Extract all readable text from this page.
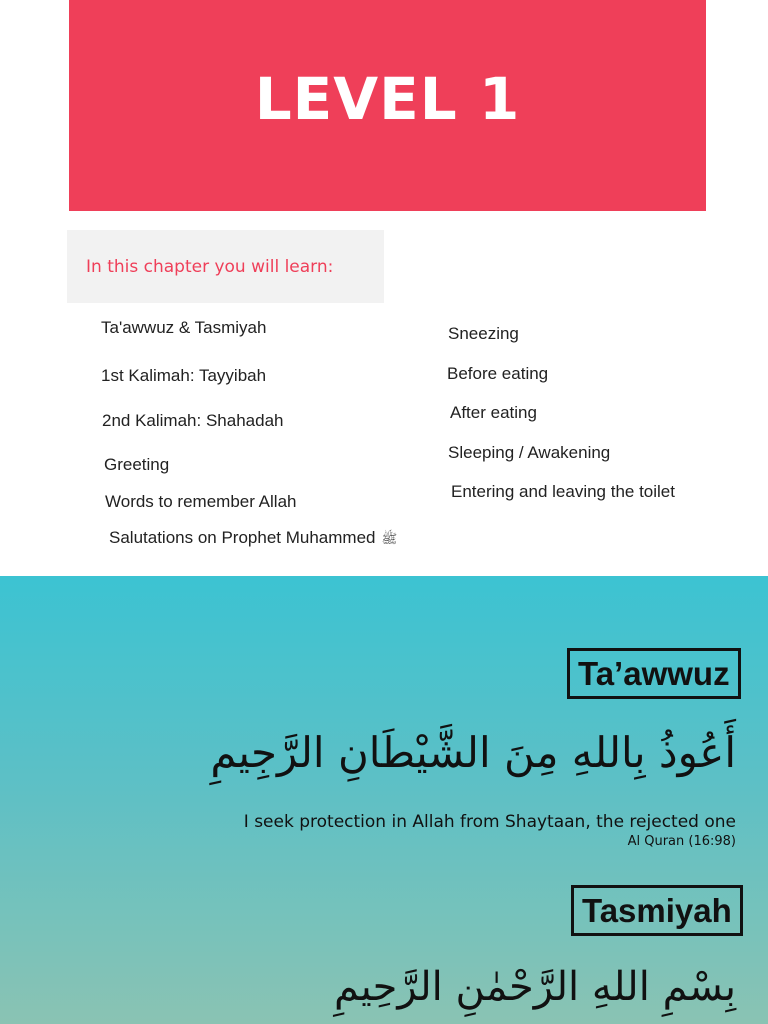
LEVEL 1
In this chapter you will learn:
Ta'awwuz & Tasmiyah
1st Kalimah: Tayyibah
2nd Kalimah: Shahadah
Greeting
Words to remember Allah
Salutations on Prophet Muhammed ﷺ
Sneezing
Before eating
After eating
Sleeping / Awakening
Entering and leaving the toilet
Ta’awwuz
أَعُوذُ بِاللهِ مِنَ الشَّيْطَانِ الرَّجِيمِ
I seek protection in Allah from Shaytaan, the rejected one
Al Quran (16:98)
Tasmiyah
بِسْمِ اللهِ الرَّحْمٰنِ الرَّحِيمِ
